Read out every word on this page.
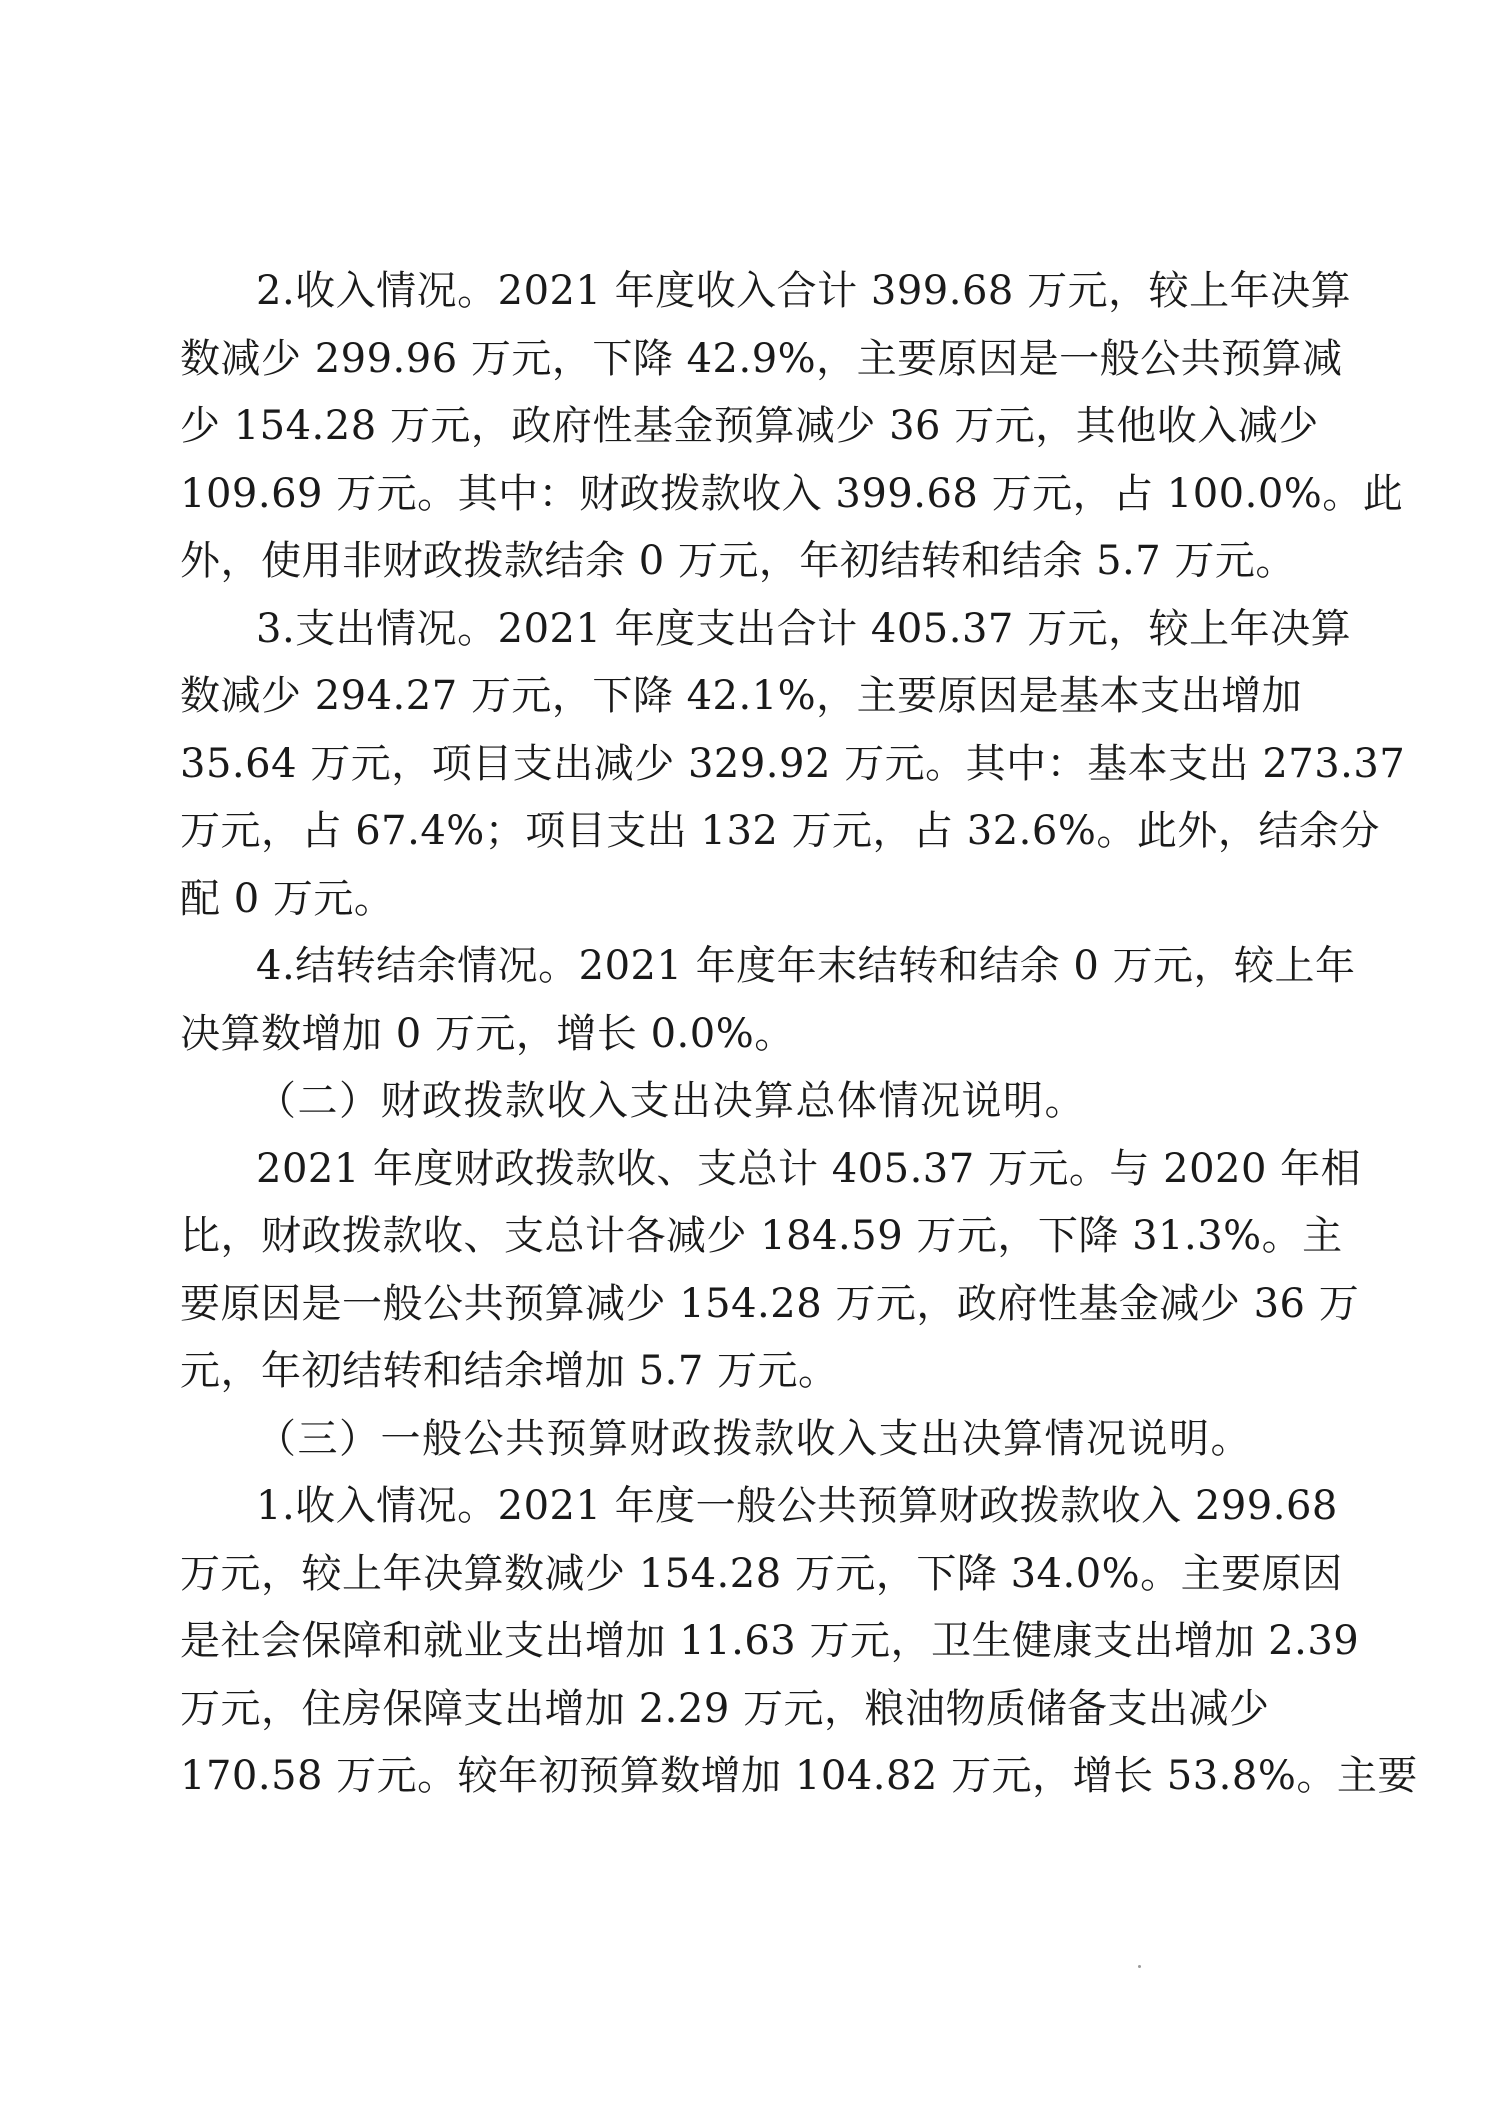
2.收入情况。2021 年度收入合计 399.68 万元，较上年决算
数减少 299.96 万元，下降 42.9%，主要原因是一般公共预算减
少 154.28 万元，政府性基金预算减少 36 万元，其他收入减少
109.69 万元。其中：财政拨款收入 399.68 万元，占 100.0%。此
外，使用非财政拨款结余 0 万元，年初结转和结余 5.7 万元。
3.支出情况。2021 年度支出合计 405.37 万元，较上年决算
数减少 294.27 万元，下降 42.1%，主要原因是基本支出增加
35.64 万元，项目支出减少 329.92 万元。其中：基本支出 273.37
万元，占 67.4%；项目支出 132 万元，占 32.6%。此外，结余分
配 0 万元。
4.结转结余情况。2021 年度年末结转和结余 0 万元，较上年
决算数增加 0 万元，增长 0.0%。
（二）财政拨款收入支出决算总体情况说明。
2021 年度财政拨款收、支总计 405.37 万元。与 2020 年相
比，财政拨款收、支总计各减少 184.59 万元，下降 31.3%。主
要原因是一般公共预算减少 154.28 万元，政府性基金减少 36 万
元，年初结转和结余增加 5.7 万元。
（三）一般公共预算财政拨款收入支出决算情况说明。
1.收入情况。2021 年度一般公共预算财政拨款收入 299.68
万元，较上年决算数减少 154.28 万元，下降 34.0%。主要原因
是社会保障和就业支出增加 11.63 万元，卫生健康支出增加 2.39
万元，住房保障支出增加 2.29 万元，粮油物质储备支出减少
170.58 万元。较年初预算数增加 104.82 万元，增长 53.8%。主要
